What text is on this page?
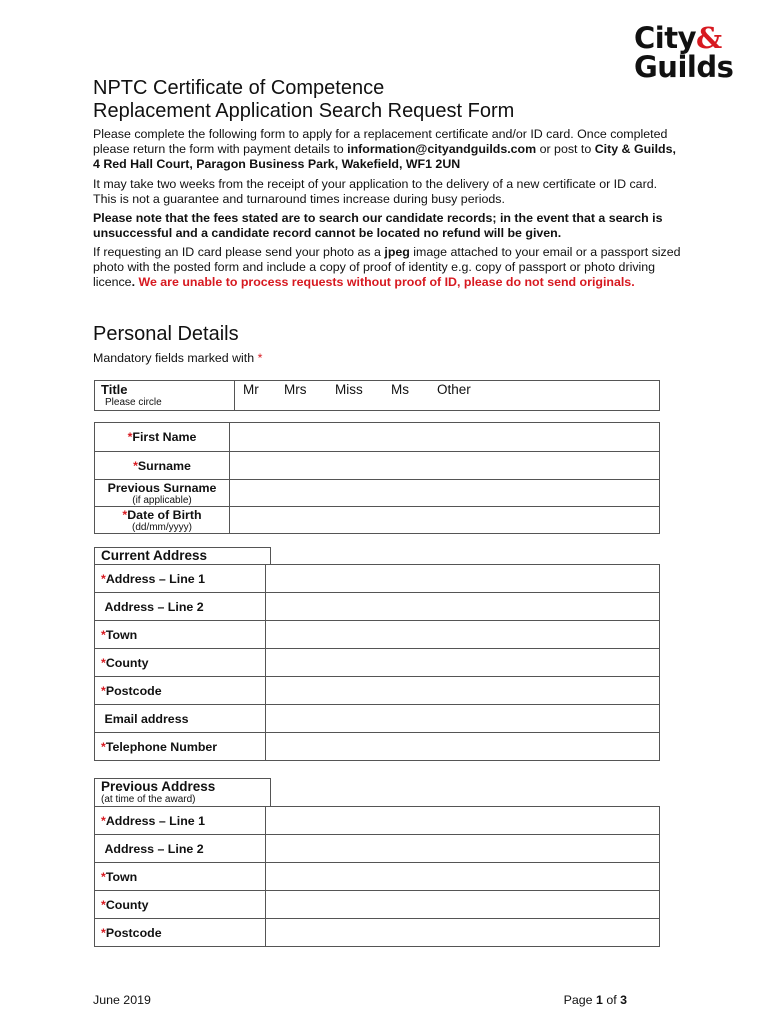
City&
Guilds
NPTC Certificate of Competence
Replacement Application Search Request Form
Please complete the following form to apply for a replacement certificate and/or ID card. Once completed please return the form with payment details to information@cityandguilds.com or post to City & Guilds, 4 Red Hall Court, Paragon Business Park, Wakefield, WF1 2UN
It may take two weeks from the receipt of your application to the delivery of a new certificate or ID card. This is not a guarantee and turnaround times increase during busy periods.
Please note that the fees stated are to search our candidate records; in the event that a search is unsuccessful and a candidate record cannot be located no refund will be given.
If requesting an ID card please send your photo as a jpeg image attached to your email or a passport sized photo with the posted form and include a copy of proof of identity e.g. copy of passport or photo driving licence. We are unable to process requests without proof of ID, please do not send originals.
Personal Details
Mandatory fields marked with *
Title
Please circle
	Mr Mrs Miss Ms Other
*First Name	
*Surname	

Previous Surname
(if applicable)	

*Date of Birth
(dd/mm/yyyy)	

Current Address
*Address – Line 1	
Address – Line 2	
*Town	
*County	
*Postcode	
Email address	
*Telephone Number	
Previous Address
(at time of the award)
*Address – Line 1	
Address – Line 2	
*Town	
*County	
*Postcode	
June 2019	Page 1 of 3
